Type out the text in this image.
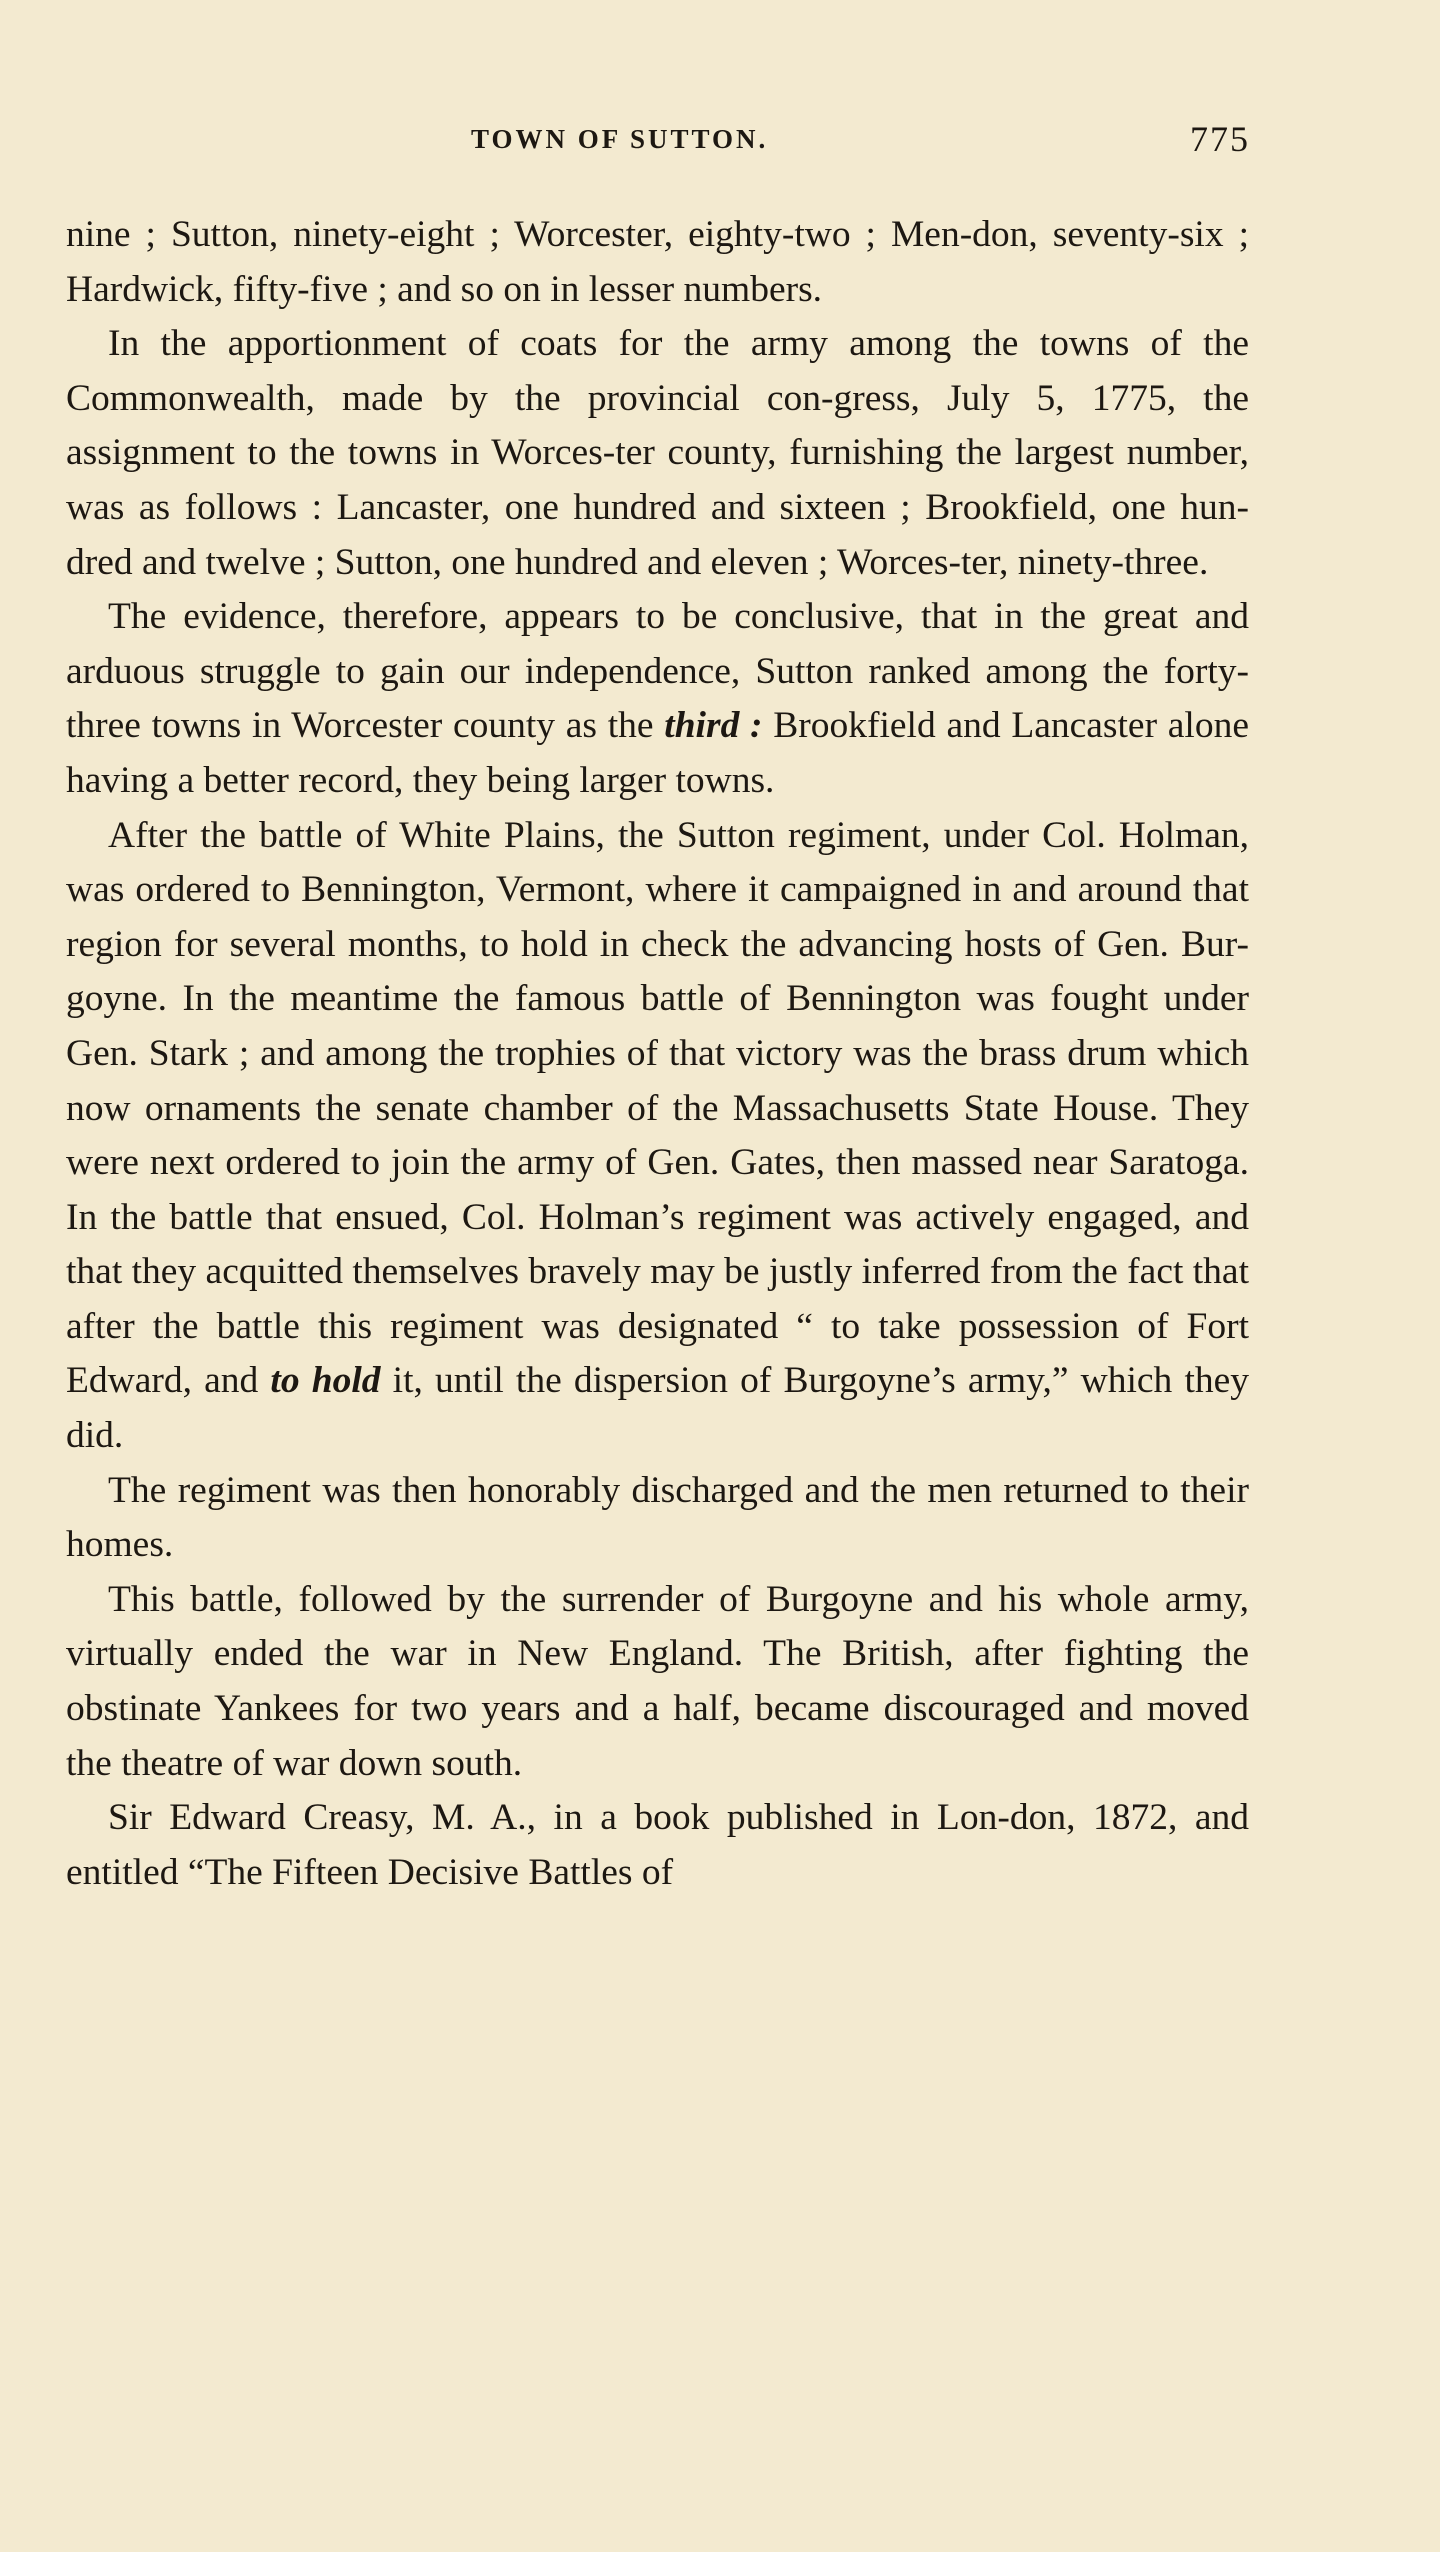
TOWN OF SUTTON.	775

nine ; Sutton, ninety-eight ; Worcester, eighty-two ; Men-don, seventy-six ; Hardwick, fifty-five ; and so on in lesser numbers.

In the apportionment of coats for the army among the towns of the Commonwealth, made by the provincial con-gress, July 5, 1775, the assignment to the towns in Worces-ter county, furnishing the largest number, was as follows : Lancaster, one hundred and sixteen ; Brookfield, one hun-dred and twelve ; Sutton, one hundred and eleven ; Worces-ter, ninety-three.

The evidence, therefore, appears to be conclusive, that in the great and arduous struggle to gain our independence, Sutton ranked among the forty-three towns in Worcester county as the third : Brookfield and Lancaster alone having a better record, they being larger towns.

After the battle of White Plains, the Sutton regiment, under Col. Holman, was ordered to Bennington, Vermont, where it campaigned in and around that region for several months, to hold in check the advancing hosts of Gen. Bur-goyne. In the meantime the famous battle of Bennington was fought under Gen. Stark ; and among the trophies of that victory was the brass drum which now ornaments the senate chamber of the Massachusetts State House. They were next ordered to join the army of Gen. Gates, then massed near Saratoga. In the battle that ensued, Col. Holman’s regiment was actively engaged, and that they acquitted themselves bravely may be justly inferred from the fact that after the battle this regiment was designated “ to take possession of Fort Edward, and to hold it, until the dispersion of Burgoyne’s army,” which they did.

The regiment was then honorably discharged and the men returned to their homes.

This battle, followed by the surrender of Burgoyne and his whole army, virtually ended the war in New England. The British, after fighting the obstinate Yankees for two years and a half, became discouraged and moved the theatre of war down south.

Sir Edward Creasy, M. A., in a book published in Lon-don, 1872, and entitled “The Fifteen Decisive Battles of
